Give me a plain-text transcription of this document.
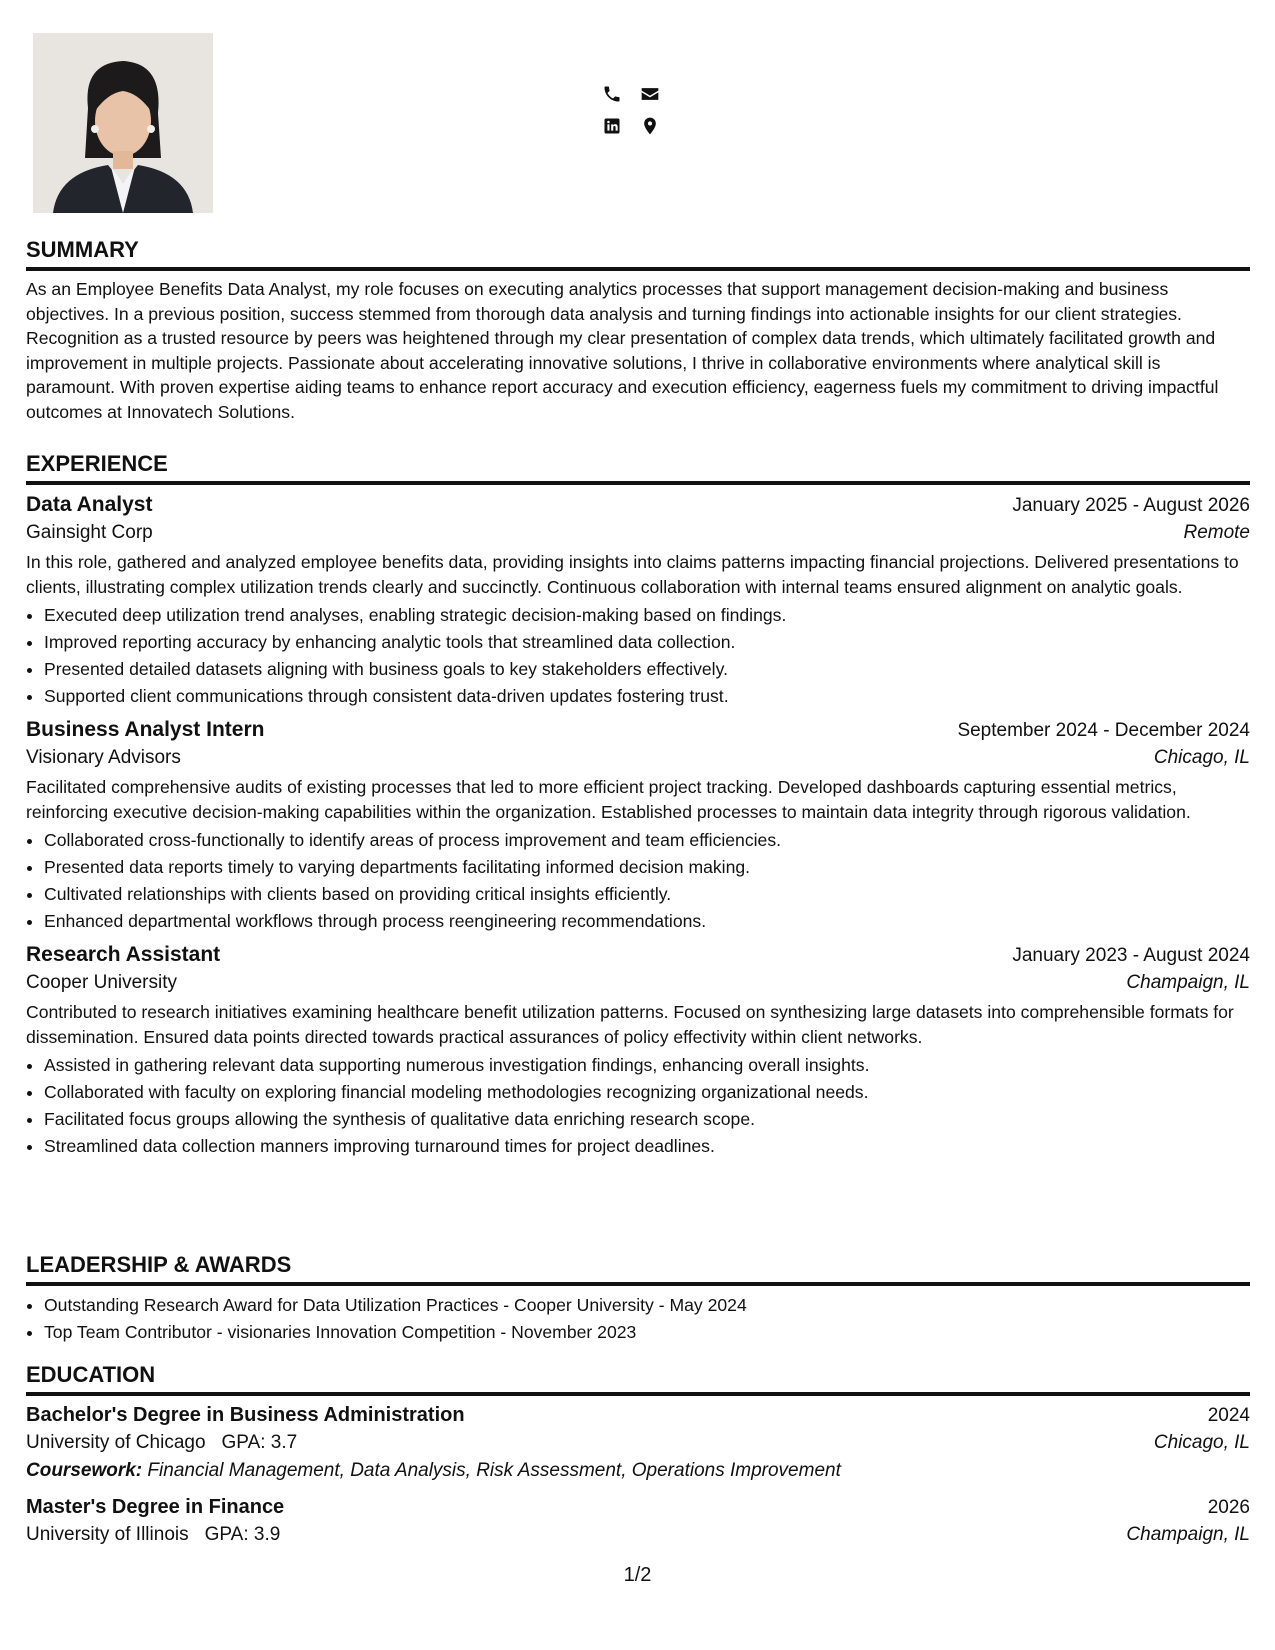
SUMMARY

As an Employee Benefits Data Analyst, my role focuses on executing analytics processes that support management decision-making and business objectives. In a previous position, success stemmed from thorough data analysis and turning findings into actionable insights for our client strategies. Recognition as a trusted resource by peers was heightened through my clear presentation of complex data trends, which ultimately facilitated growth and improvement in multiple projects. Passionate about accelerating innovative solutions, I thrive in collaborative environments where analytical skill is paramount. With proven expertise aiding teams to enhance report accuracy and execution efficiency, eagerness fuels my commitment to driving impactful outcomes at Innovatech Solutions.

EXPERIENCE
Data Analyst	January 2025 - August 2026
Gainsight Corp	Remote

In this role, gathered and analyzed employee benefits data, providing insights into claims patterns impacting financial projections. Delivered presentations to clients, illustrating complex utilization trends clearly and succinctly. Continuous collaboration with internal teams ensured alignment on analytic goals.

• Executed deep utilization trend analyses, enabling strategic decision-making based on findings.
• Improved reporting accuracy by enhancing analytic tools that streamlined data collection.
• Presented detailed datasets aligning with business goals to key stakeholders effectively.
• Supported client communications through consistent data-driven updates fostering trust.
Business Analyst Intern	September 2024 - December 2024
Visionary Advisors	Chicago, IL

Facilitated comprehensive audits of existing processes that led to more efficient project tracking. Developed dashboards capturing essential metrics, reinforcing executive decision-making capabilities within the organization. Established processes to maintain data integrity through rigorous validation.

• Collaborated cross-functionally to identify areas of process improvement and team efficiencies.
• Presented data reports timely to varying departments facilitating informed decision making.
• Cultivated relationships with clients based on providing critical insights efficiently.
• Enhanced departmental workflows through process reengineering recommendations.
Research Assistant	January 2023 - August 2024
Cooper University	Champaign, IL

Contributed to research initiatives examining healthcare benefit utilization patterns. Focused on synthesizing large datasets into comprehensible formats for dissemination. Ensured data points directed towards practical assurances of policy effectivity within client networks.

• Assisted in gathering relevant data supporting numerous investigation findings, enhancing overall insights.
• Collaborated with faculty on exploring financial modeling methodologies recognizing organizational needs.
• Facilitated focus groups allowing the synthesis of qualitative data enriching research scope.
• Streamlined data collection manners improving turnaround times for project deadlines.
LEADERSHIP & AWARDS
• Outstanding Research Award for Data Utilization Practices - Cooper University - May 2024
• Top Team Contributor - visionaries Innovation Competition - November 2023
EDUCATION
Bachelor's Degree in Business Administration	2024
University of Chicago GPA: 3.7	Chicago, IL
Coursework: Financial Management, Data Analysis, Risk Assessment, Operations Improvement
Master's Degree in Finance	2026
University of Illinois GPA: 3.9	Champaign, IL
1/2
